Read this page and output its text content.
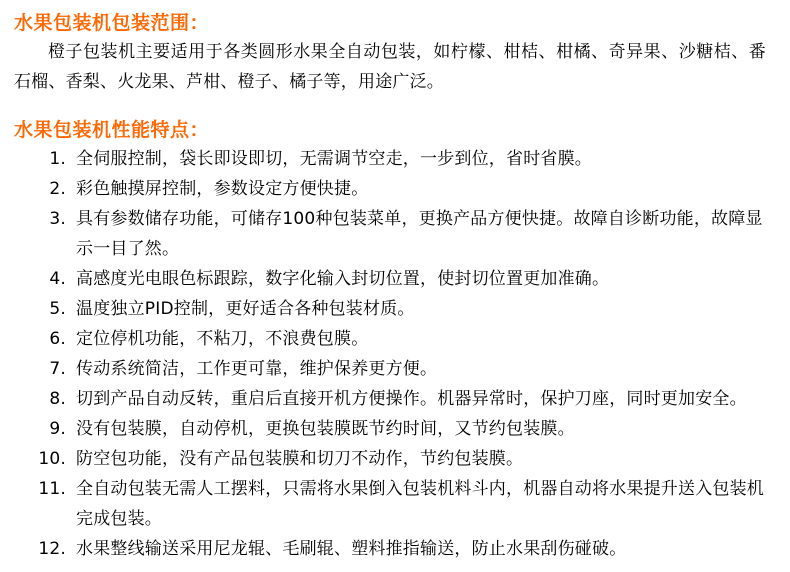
水果包装机包装范围：

橙子包装机主要适用于各类圆形水果全自动包装，如柠檬、柑桔、柑橘、奇异果、沙糖桔、番石榴、香梨、火龙果、芦柑、橙子、橘子等，用途广泛。

水果包装机性能特点：
1. 全伺服控制，袋长即设即切，无需调节空走，一步到位，省时省膜。
2. 彩色触摸屏控制，参数设定方便快捷。
3. 具有参数储存功能，可储存100种包装菜单，更换产品方便快捷。故障自诊断功能，故障显示一目了然。
4. 高感度光电眼色标跟踪，数字化输入封切位置，使封切位置更加准确。
5. 温度独立PID控制，更好适合各种包装材质。
6. 定位停机功能，不粘刀，不浪费包膜。
7. 传动系统简洁，工作更可靠，维护保养更方便。
8. 切到产品自动反转，重启后直接开机方便操作。机器异常时，保护刀座，同时更加安全。
9. 没有包装膜，自动停机，更换包装膜既节约时间，又节约包装膜。
10. 防空包功能，没有产品包装膜和切刀不动作，节约包装膜。
11. 全自动包装无需人工摆料，只需将水果倒入包装机料斗内，机器自动将水果提升送入包装机完成包装。
12. 水果整线输送采用尼龙辊、毛刷辊、塑料推指输送，防止水果刮伤碰破。
